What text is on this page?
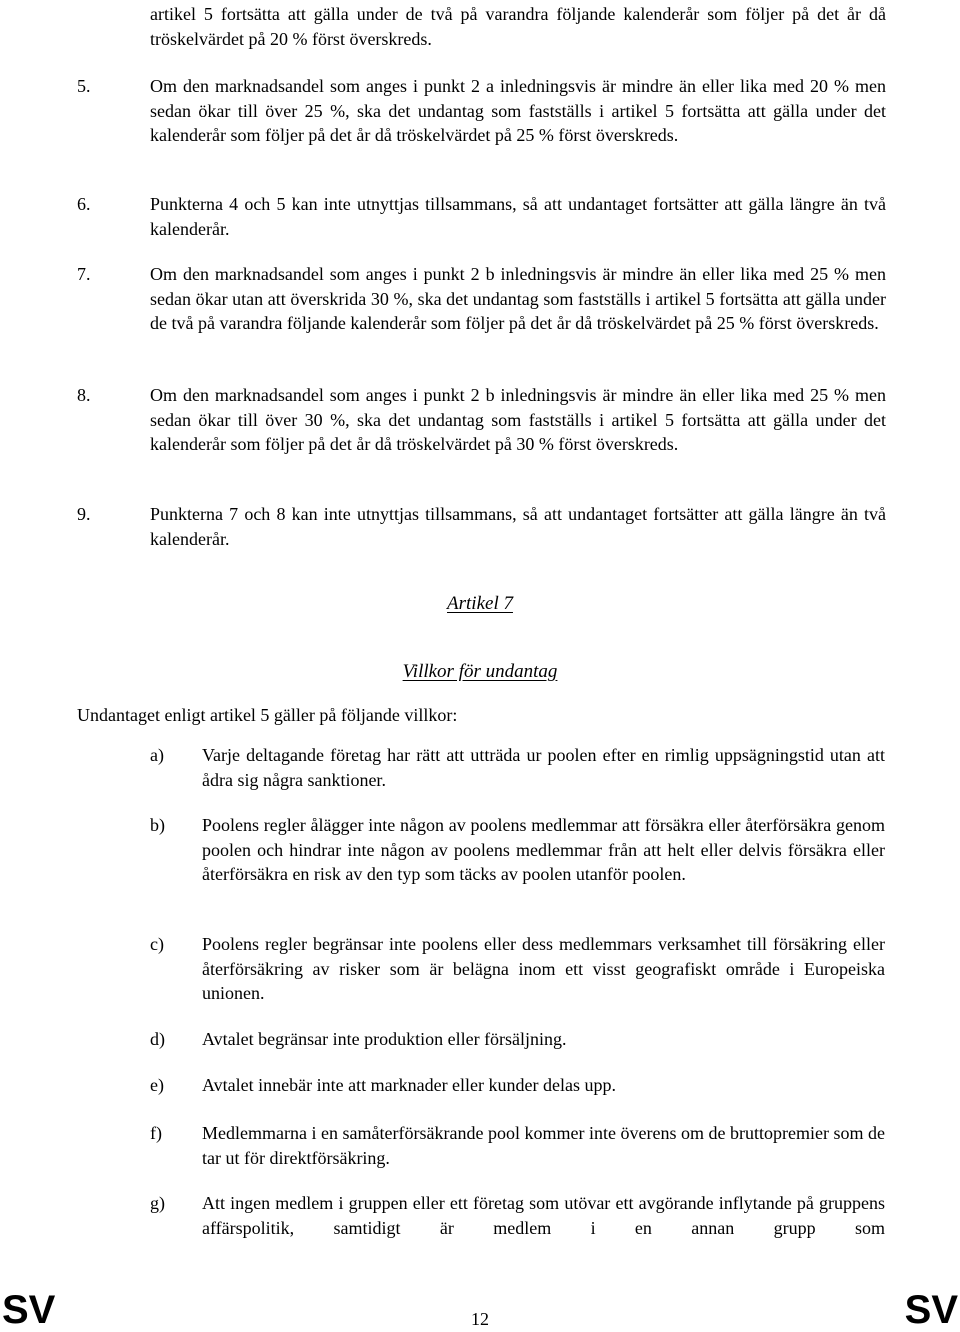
artikel 5 fortsätta att gälla under de två på varandra följande kalenderår som följer på det år då tröskelvärdet på 20 % först överskreds.
5.	Om den marknadsandel som anges i punkt 2 a inledningsvis är mindre än eller lika med 20 % men sedan ökar till över 25 %, ska det undantag som fastställs i artikel 5 fortsätta att gälla under det kalenderår som följer på det år då tröskelvärdet på 25 % först överskreds.
6.	Punkterna 4 och 5 kan inte utnyttjas tillsammans, så att undantaget fortsätter att gälla längre än två kalenderår.
7.	Om den marknadsandel som anges i punkt 2 b inledningsvis är mindre än eller lika med 25 % men sedan ökar utan att överskrida 30 %, ska det undantag som fastställs i artikel 5 fortsätta att gälla under de två på varandra följande kalenderår som följer på det år då tröskelvärdet på 25 % först överskreds.
8.	Om den marknadsandel som anges i punkt 2 b inledningsvis är mindre än eller lika med 25 % men sedan ökar till över 30 %, ska det undantag som fastställs i artikel 5 fortsätta att gälla under det kalenderår som följer på det år då tröskelvärdet på 30 % först överskreds.
9.	Punkterna 7 och 8 kan inte utnyttjas tillsammans, så att undantaget fortsätter att gälla längre än två kalenderår.
Artikel 7
Villkor för undantag
Undantaget enligt artikel 5 gäller på följande villkor:
a) Varje deltagande företag har rätt att utträda ur poolen efter en rimlig uppsägningstid utan att ådra sig några sanktioner.
b) Poolens regler ålägger inte någon av poolens medlemmar att försäkra eller återförsäkra genom poolen och hindrar inte någon av poolens medlemmar från att helt eller delvis försäkra eller återförsäkra en risk av den typ som täcks av poolen utanför poolen.
c) Poolens regler begränsar inte poolens eller dess medlemmars verksamhet till försäkring eller återförsäkring av risker som är belägna inom ett visst geografiskt område i Europeiska unionen.
d) Avtalet begränsar inte produktion eller försäljning.
e) Avtalet innebär inte att marknader eller kunder delas upp.
f) Medlemmarna i en samåterförsäkrande pool kommer inte överens om de bruttopremier som de tar ut för direktförsäkring.
g) Att ingen medlem i gruppen eller ett företag som utövar ett avgörande inflytande på gruppens affärspolitik, samtidigt är medlem i en annan grupp som
SV	12	SV
